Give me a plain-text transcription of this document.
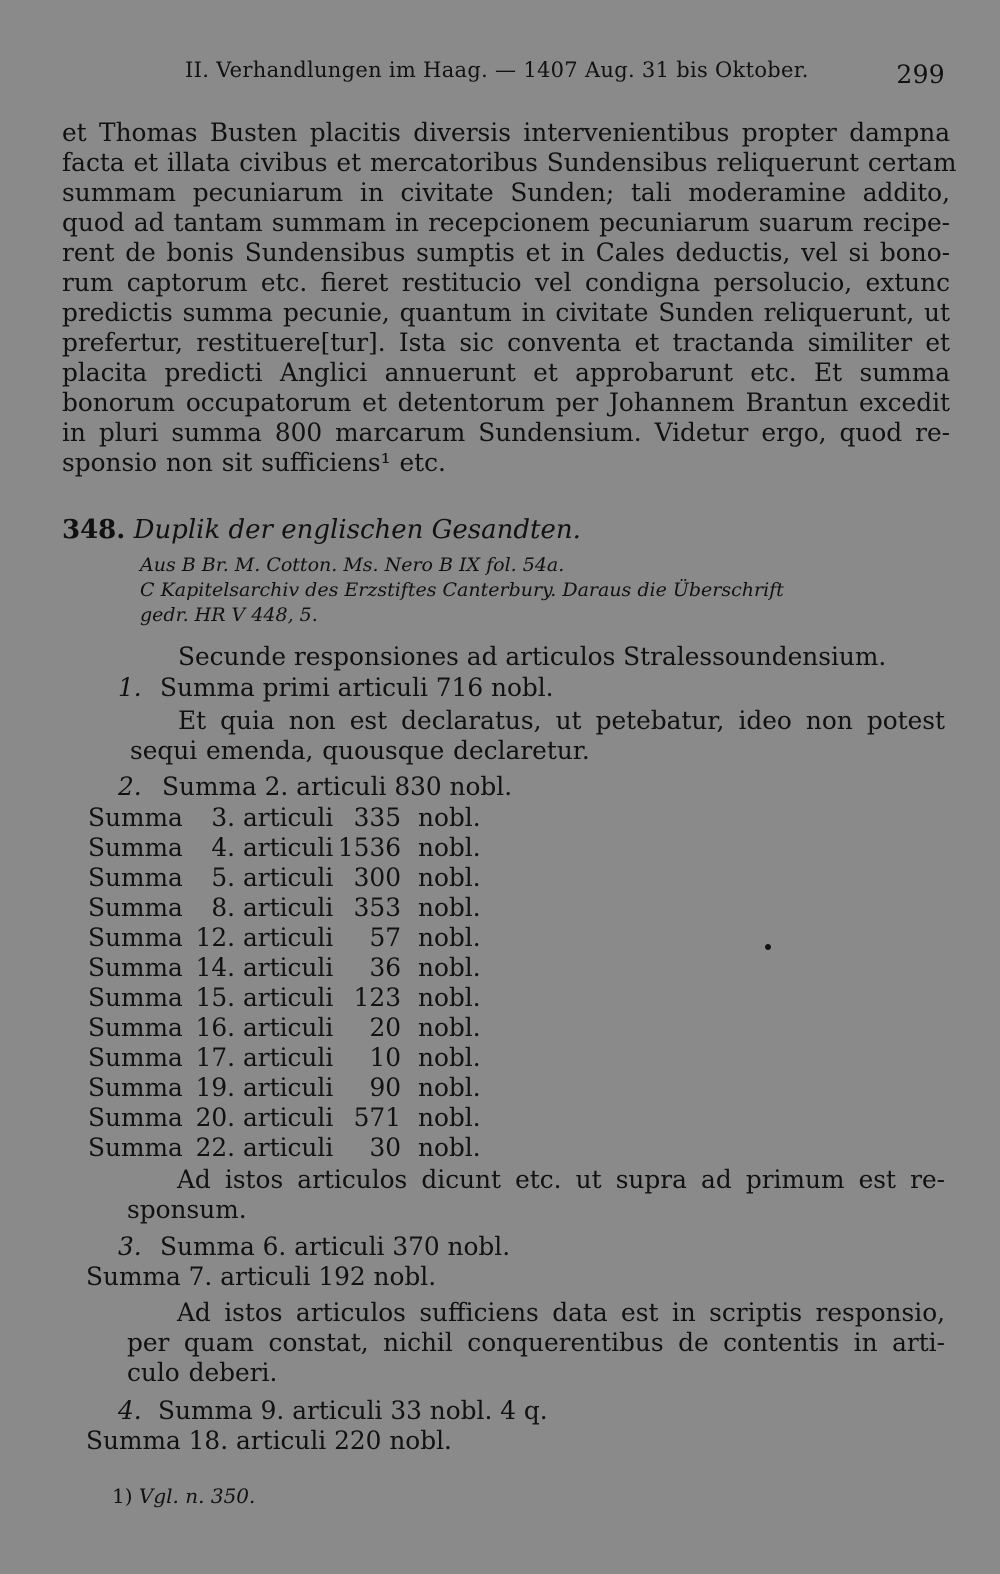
II. Verhandlungen im Haag. — 1407 Aug. 31 bis Oktober.	299
et Thomas Busten placitis diversis intervenientibus propter dampna
facta et illata civibus et mercatoribus Sundensibus reliquerunt certam
summam pecuniarum in civitate Sunden; tali moderamine addito,
quod ad tantam summam in recepcionem pecuniarum suarum recipe-
rent de bonis Sundensibus sumptis et in Cales deductis, vel si bono-
rum captorum etc. fieret restitucio vel condigna persolucio, extunc
predictis summa pecunie, quantum in civitate Sunden reliquerunt, ut
prefertur, restituere[tur]. Ista sic conventa et tractanda similiter et
placita predicti Anglici annuerunt et approbarunt etc. Et summa
bonorum occupatorum et detentorum per Johannem Brantun excedit
in pluri summa 800 marcarum Sundensium. Videtur ergo, quod re-
sponsio non sit sufficiens¹ etc.
348. Duplik der englischen Gesandten.
Aus B Br. M. Cotton. Ms. Nero B IX fol. 54a.
C Kapitelsarchiv des Erzstiftes Canterbury. Daraus die Überschrift
gedr. HR V 448, 5.
Secunde responsiones ad articulos Stralessoundensium.
1. Summa primi articuli 716 nobl.
Et quia non est declaratus, ut petebatur, ideo non potest
sequi emenda, quousque declaretur.
2. Summa 2. articuli 830 nobl.
Summa	3. articuli 335 nobl.
Summa	4. articuli 1536 nobl.
Summa	5. articuli 300 nobl.
Summa	8. articuli 353 nobl.
Summa 12. articuli	57 nobl.
Summa 14. articuli	36 nobl.
Summa 15. articuli 123 nobl.
Summa 16. articuli	20 nobl.
Summa 17. articuli	10 nobl.
Summa 19. articuli	90 nobl.
Summa 20. articuli 571 nobl.
Summa 22. articuli	30 nobl.
Ad istos articulos dicunt etc. ut supra ad primum est re-
sponsum.
3. Summa 6. articuli 370 nobl.
Summa 7. articuli 192 nobl.
Ad istos articulos sufficiens data est in scriptis responsio,
per quam constat, nichil conquerentibus de contentis in arti-
culo deberi.
4. Summa 9. articuli 33 nobl. 4 q.
Summa 18. articuli 220 nobl.
1) Vgl. n. 350.
